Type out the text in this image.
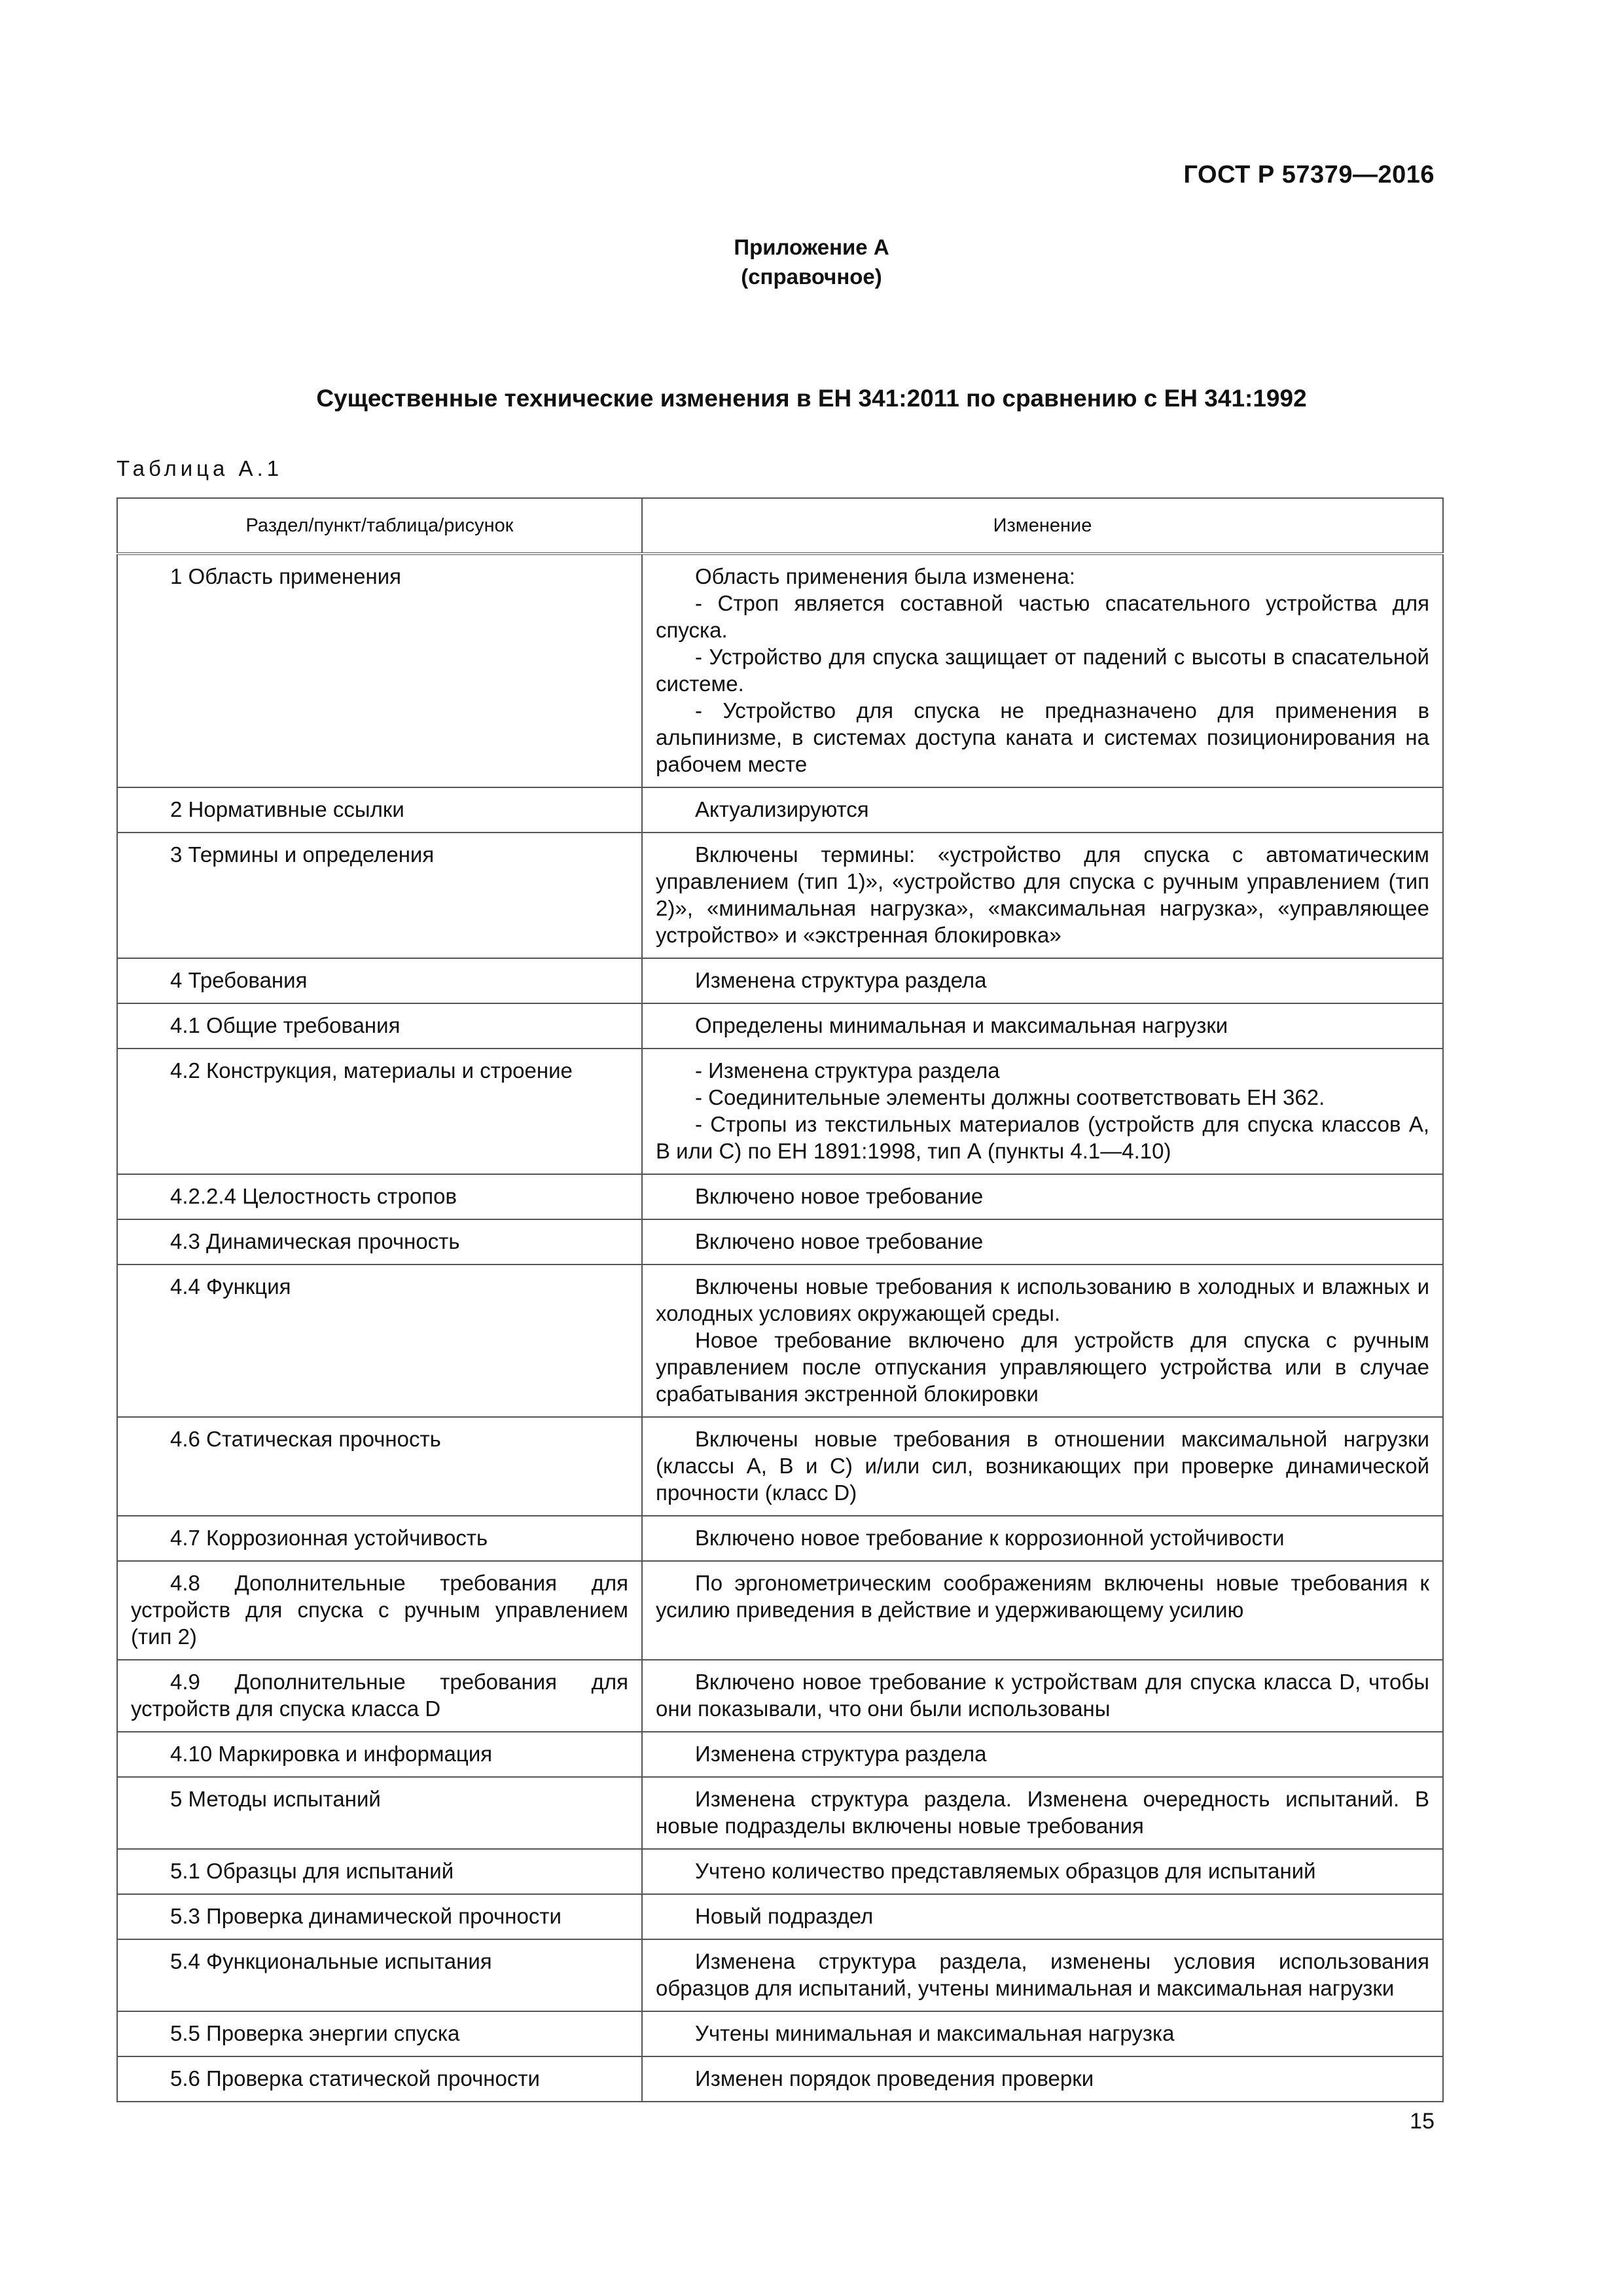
ГОСТ Р 57379—2016
Приложение А
(справочное)
Существенные технические изменения в ЕН 341:2011 по сравнению с ЕН 341:1992
Таблица А.1
Раздел/пункт/таблица/рисунок	Изменение
1 Область применения	Область применения была изменена:

- Строп является составной частью спасательного устройства для спуска.

- Устройство для спуска защищает от падений с высоты в спасательной системе.

- Устройство для спуска не предназначено для применения в альпинизме, в системах доступа каната и системах позиционирования на рабочем месте

2 Нормативные ссылки	Актуализируются

3 Термины и определения	Включены термины: «устройство для спуска с автоматическим управлением (тип 1)», «устройство для спуска с ручным управлением (тип 2)», «минимальная нагрузка», «максимальная нагрузка», «управляющее устройство» и «экстренная блокировка»

4 Требования	Изменена структура раздела

4.1 Общие требования	Определены минимальная и максимальная нагрузки

4.2 Конструкция, материалы и строение	- Изменена структура раздела

- Соединительные элементы должны соответствовать ЕН 362.

- Стропы из текстильных материалов (устройств для спуска классов А, В или С) по ЕН 1891:1998, тип А (пункты 4.1—4.10)

4.2.2.4 Целостность стропов	Включено новое требование

4.3 Динамическая прочность	Включено новое требование

4.4 Функция	Включены новые требования к использованию в холодных и влажных и холодных условиях окружающей среды.

Новое требование включено для устройств для спуска с ручным управлением после отпускания управляющего устройства или в случае срабатывания экстренной блокировки

4.6 Статическая прочность	Включены новые требования в отношении максимальной нагрузки (классы А, В и С) и/или сил, возникающих при проверке динамической прочности (класс D)

4.7 Коррозионная устойчивость	Включено новое требование к коррозионной устойчивости

4.8 Дополнительные требования для устройств для спуска с ручным управлением (тип 2)	По эргонометрическим соображениям включены новые требования к усилию приведения в действие и удерживающему усилию

4.9 Дополнительные требования для устройств для спуска класса D	Включено новое требование к устройствам для спуска класса D, чтобы они показывали, что они были использованы

4.10 Маркировка и информация	Изменена структура раздела

5 Методы испытаний	Изменена структура раздела. Изменена очередность испытаний. В новые подразделы включены новые требования

5.1 Образцы для испытаний	Учтено количество представляемых образцов для испытаний

5.3 Проверка динамической прочности	Новый подраздел

5.4 Функциональные испытания	Изменена структура раздела, изменены условия использования образцов для испытаний, учтены минимальная и максимальная нагрузки

5.5 Проверка энергии спуска	Учтены минимальная и максимальная нагрузка

5.6 Проверка статической прочности	Изменен порядок проведения проверки

15
